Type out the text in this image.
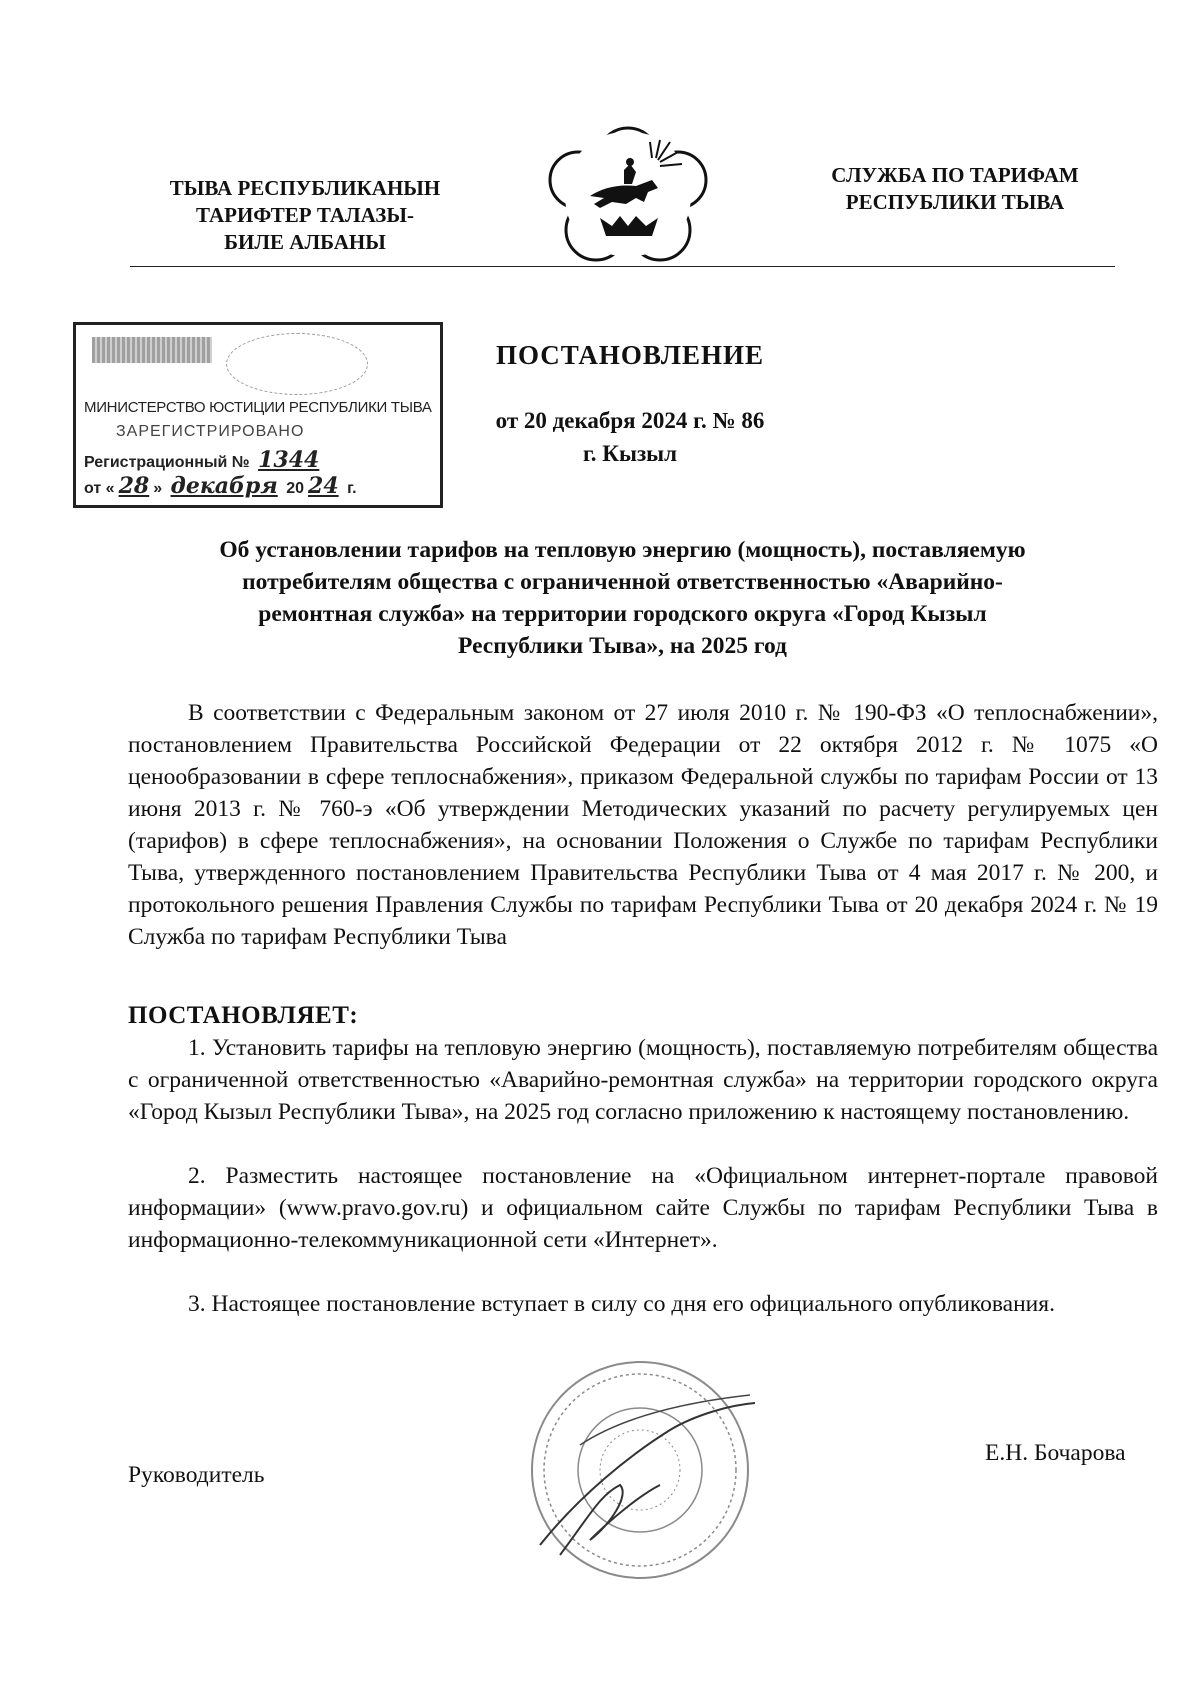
ТЫВА РЕСПУБЛИКАНЫН
ТАРИФТЕР ТАЛАЗЫ-
БИЛЕ АЛБАНЫ
СЛУЖБА ПО ТАРИФАМ
РЕСПУБЛИКИ ТЫВА
МИНИСТЕРСТВО ЮСТИЦИИ РЕСПУБЛИКИ ТЫВА
ЗАРЕГИСТРИРОВАНО
Регистрационный № 1344
от « 28 » декабря 20 24 г.
ПОСТАНОВЛЕНИЕ
от 20 декабря 2024 г. № 86
г. Кызыл
Об установлении тарифов на тепловую энергию (мощность), поставляемую
потребителям общества с ограниченной ответственностью «Аварийно-
ремонтная служба» на территории городского округа «Город Кызыл
Республики Тыва», на 2025 год
В соответствии с Федеральным законом от 27 июля 2010 г. № 190-ФЗ «О теплоснабжении», постановлением Правительства Российской Федерации от 22 октября 2012 г. № 1075 «О ценообразовании в сфере теплоснабжения», приказом Федеральной службы по тарифам России от 13 июня 2013 г. № 760-э «Об утверждении Методических указаний по расчету регулируемых цен (тарифов) в сфере теплоснабжения», на основании Положения о Службе по тарифам Республики Тыва, утвержденного постановлением Правительства Республики Тыва от 4 мая 2017 г. № 200, и протокольного решения Правления Службы по тарифам Республики Тыва от 20 декабря 2024 г. № 19 Служба по тарифам Республики Тыва
ПОСТАНОВЛЯЕТ:
1. Установить тарифы на тепловую энергию (мощность), поставляемую потребителям общества с ограниченной ответственностью «Аварийно-ремонтная служба» на территории городского округа «Город Кызыл Республики Тыва», на 2025 год согласно приложению к настоящему постановлению.
2. Разместить настоящее постановление на «Официальном интернет-портале правовой информации» (www.pravo.gov.ru) и официальном сайте Службы по тарифам Республики Тыва в информационно-телекоммуникационной сети «Интернет».
3. Настоящее постановление вступает в силу со дня его официального опубликования.
Руководитель
Е.Н. Бочарова
